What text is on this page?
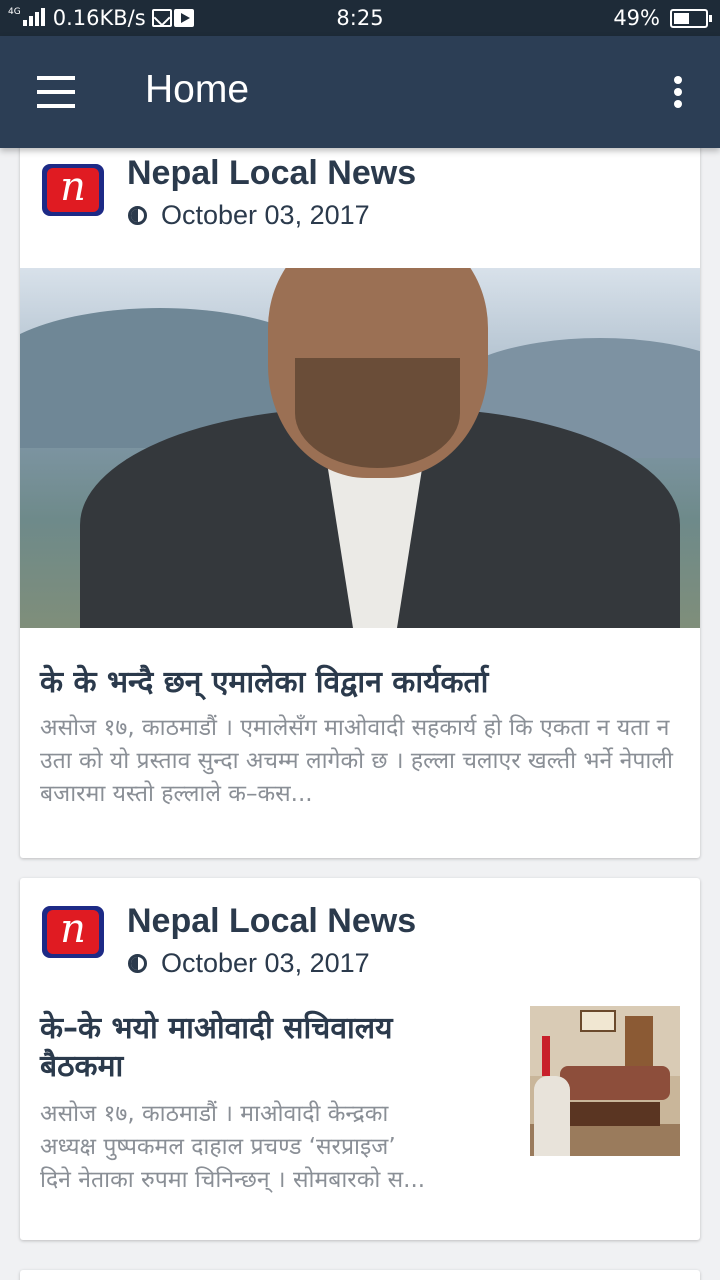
4G 0.16KB/s	8:25	49%
Home
n	Nepal Local News
October 03, 2017
के के भन्दै छन् एमालेका विद्वान कार्यकर्ता
असोज १७, काठमाडौं । एमालेसँग माओवादी सहकार्य हो कि एकता न यता न उता को यो प्रस्ताव सुन्दा अचम्म लागेको छ । हल्ला चलाएर खल्ती भर्ने नेपाली बजारमा यस्तो हल्लाले क–कस...
n	Nepal Local News
October 03, 2017
के–के भयो माओवादी सचिवालय
बैठकमा
असोज १७, काठमाडौं । माओवादी केन्द्रका
अध्यक्ष पुष्पकमल दाहाल प्रचण्ड ‘सरप्राइज’
दिने नेताका रुपमा चिनिन्छन् । सोमबारको स...
